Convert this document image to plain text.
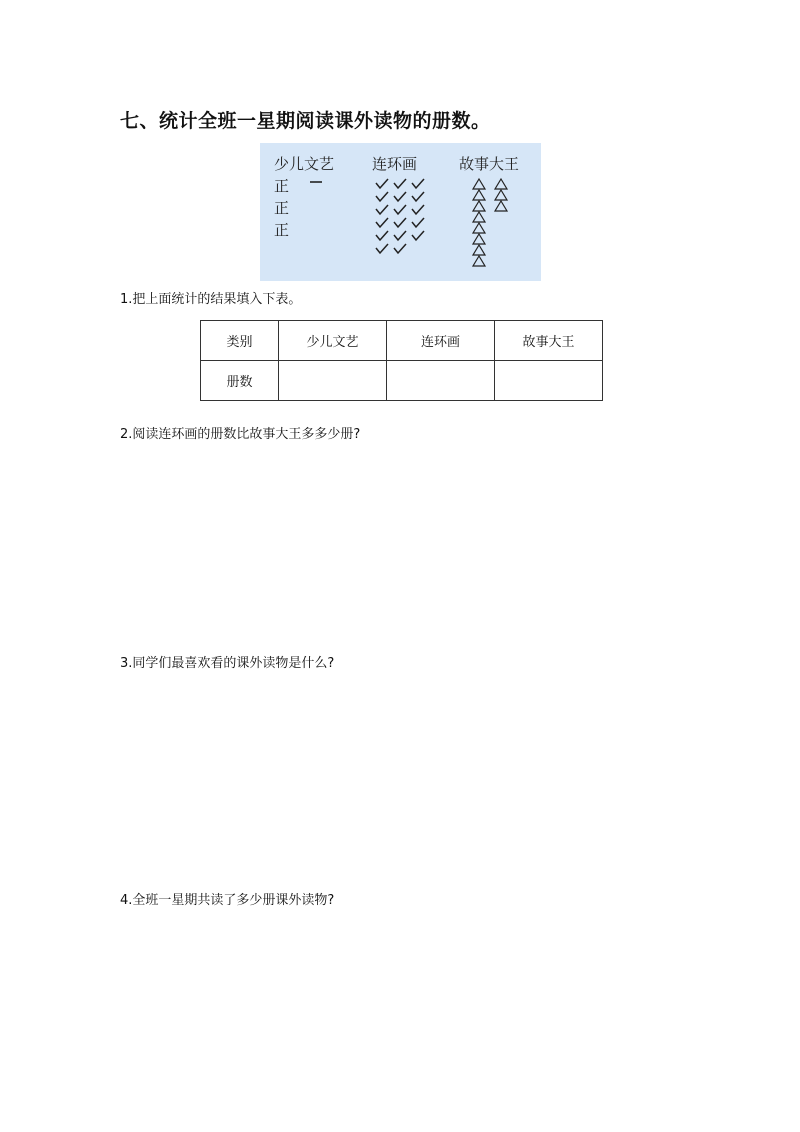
七、统计全班一星期阅读课外读物的册数。
少儿文艺	连环画	故事大王
正
正
正
1.把上面统计的结果填入下表。
类别	少儿文艺	连环画	故事大王
册数			
2.阅读连环画的册数比故事大王多多少册?
3.同学们最喜欢看的课外读物是什么?
4.全班一星期共读了多少册课外读物?
